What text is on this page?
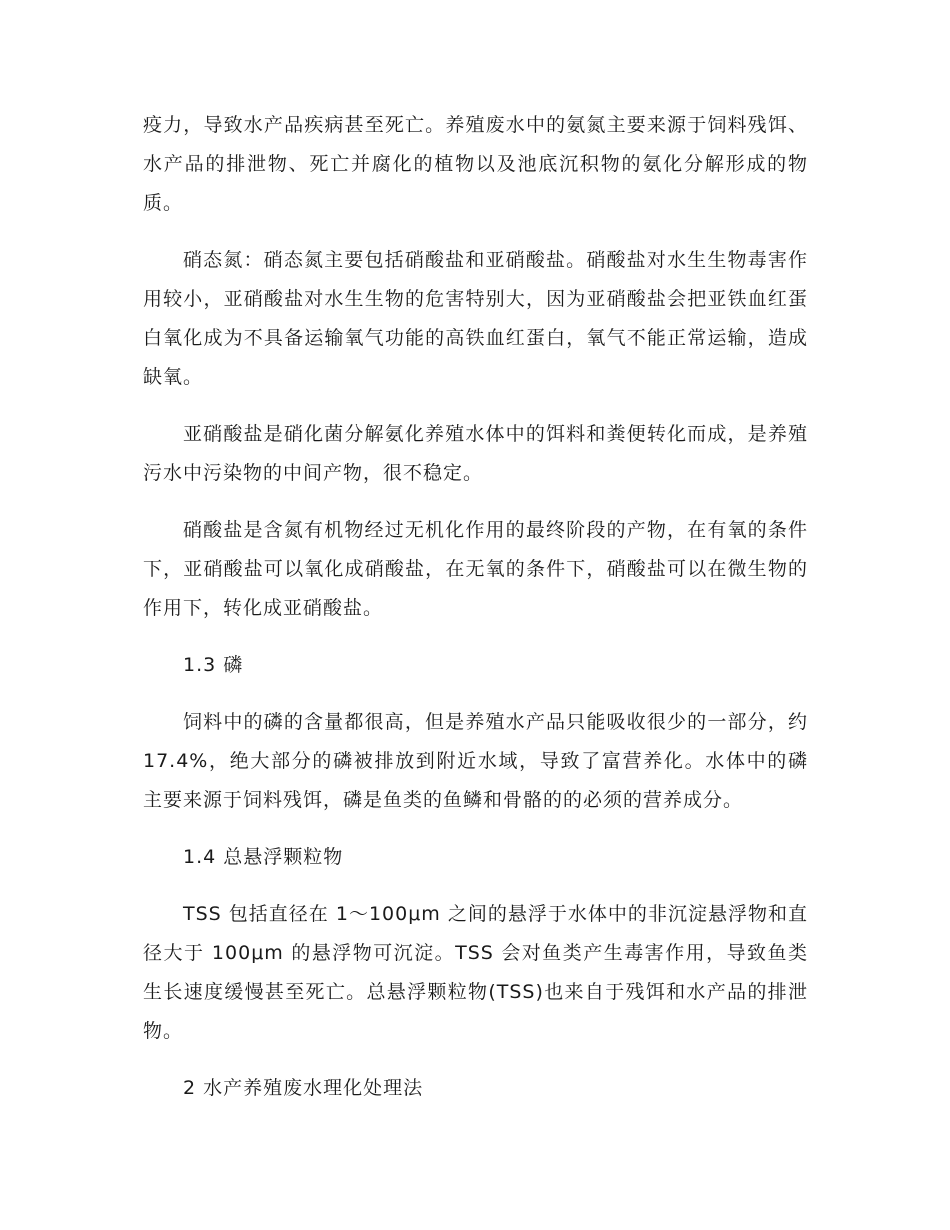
疫力，导致水产品疾病甚至死亡。养殖废水中的氨氮主要来源于饲料残饵、水产品的排泄物、死亡并腐化的植物以及池底沉积物的氨化分解形成的物质。

硝态氮：硝态氮主要包括硝酸盐和亚硝酸盐。硝酸盐对水生生物毒害作用较小，亚硝酸盐对水生生物的危害特别大，因为亚硝酸盐会把亚铁血红蛋白氧化成为不具备运输氧气功能的高铁血红蛋白，氧气不能正常运输，造成缺氧。

亚硝酸盐是硝化菌分解氨化养殖水体中的饵料和粪便转化而成，是养殖污水中污染物的中间产物，很不稳定。

硝酸盐是含氮有机物经过无机化作用的最终阶段的产物，在有氧的条件下，亚硝酸盐可以氧化成硝酸盐，在无氧的条件下，硝酸盐可以在微生物的作用下，转化成亚硝酸盐。

1.3 磷

饲料中的磷的含量都很高，但是养殖水产品只能吸收很少的一部分，约 17.4%，绝大部分的磷被排放到附近水域，导致了富营养化。水体中的磷主要来源于饲料残饵，磷是鱼类的鱼鳞和骨骼的的必须的营养成分。

1.4 总悬浮颗粒物

TSS 包括直径在 1～100μm 之间的悬浮于水体中的非沉淀悬浮物和直径大于 100μm 的悬浮物可沉淀。TSS 会对鱼类产生毒害作用，导致鱼类生长速度缓慢甚至死亡。总悬浮颗粒物(TSS)也来自于残饵和水产品的排泄物。

2 水产养殖废水理化处理法
